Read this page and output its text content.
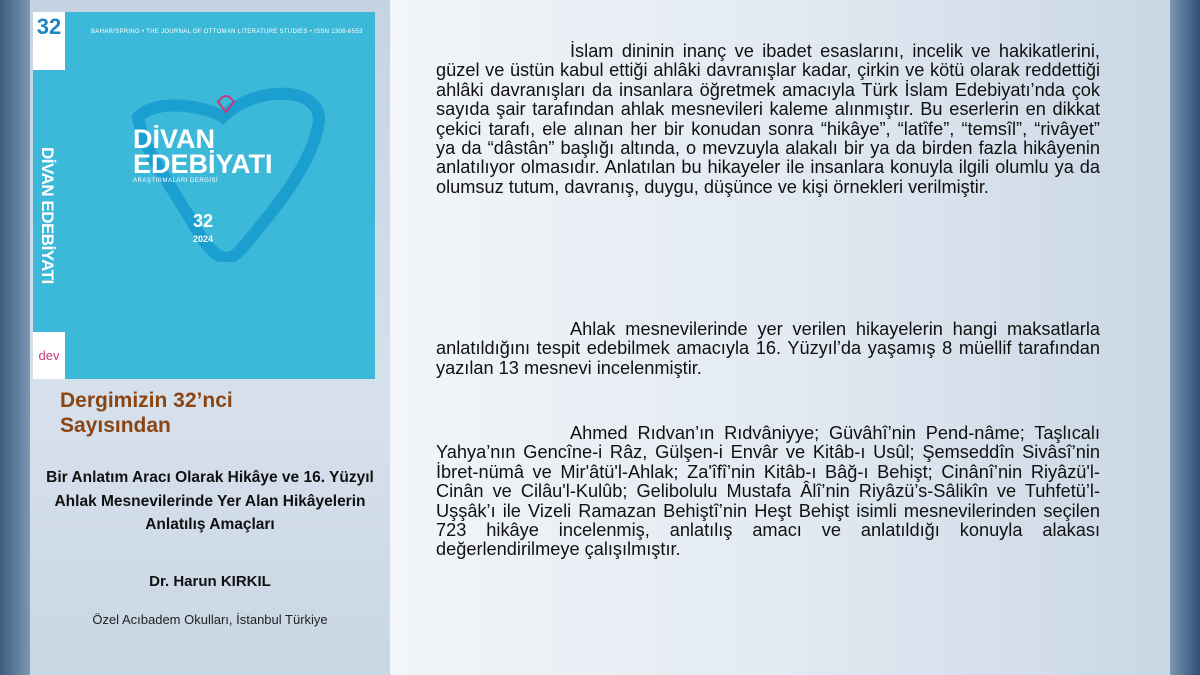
32
2024
DİVAN EDEBİYATI
dev
BAHAR/SPRING • THE JOURNAL OF OTTOMAN LITERATURE STUDIES • ISSN 1308-6553
DİVAN
EDEBİYATI
ARAŞTIRMALARI DERGİSİ
32
2024
Dergimizin 32’nci Sayısından
Bir Anlatım Aracı Olarak Hikâye ve 16. Yüzyıl Ahlak Mesnevilerinde Yer Alan Hikâyelerin Anlatılış Amaçları
Dr. Harun KIRKIL
Özel Acıbadem Okulları, İstanbul Türkiye

İslam dininin inanç ve ibadet esaslarını, incelik ve hakikatlerini, güzel ve üstün kabul ettiği ahlâki davranışlar kadar, çirkin ve kötü olarak reddettiği ahlâki davranışları da insanlara öğretmek amacıyla Türk İslam Edebiyatı’nda çok sayıda şair tarafından ahlak mesnevileri kaleme alınmıştır. Bu eserlerin en dikkat çekici tarafı, ele alınan her bir konudan sonra “hikâye”, “latîfe”, “temsîl”, “rivâyet” ya da “dâstân” başlığı altında, o mevzuyla alakalı bir ya da birden fazla hikâyenin anlatılıyor olmasıdır. Anlatılan bu hikayeler ile insanlara konuyla ilgili olumlu ya da olumsuz tutum, davranış, duygu, düşünce ve kişi örnekleri verilmiştir.

Ahlak mesnevilerinde yer verilen hikayelerin hangi maksatlarla anlatıldığını tespit edebilmek amacıyla 16. Yüzyıl’da yaşamış 8 müellif tarafından yazılan 13 mesnevi incelenmiştir.

Ahmed Rıdvan’ın Rıdvâniyye; Güvâhî’nin Pend-nâme; Taşlıcalı Yahya’nın Gencîne-i Râz, Gülşen-i Envâr ve Kitâb-ı Usûl; Şemseddîn Sivâsî’nin İbret-nümâ ve Mir'âtü'l-Ahlak; Za'îfî’nin Kitâb-ı Bâğ-ı Behişt; Cinânî’nin Riyâzü'l-Cinân ve Cilâu'l-Kulûb; Gelibolulu Mustafa Âlî’nin Riyâzü’s-Sâlikîn ve Tuhfetü’l-Uşşâk’ı ile Vizeli Ramazan Behiştî’nin Heşt Behişt isimli mesnevilerinden seçilen 723 hikâye incelenmiş, anlatılış amacı ve anlatıldığı konuyla alakası değerlendirilmeye çalışılmıştır.
